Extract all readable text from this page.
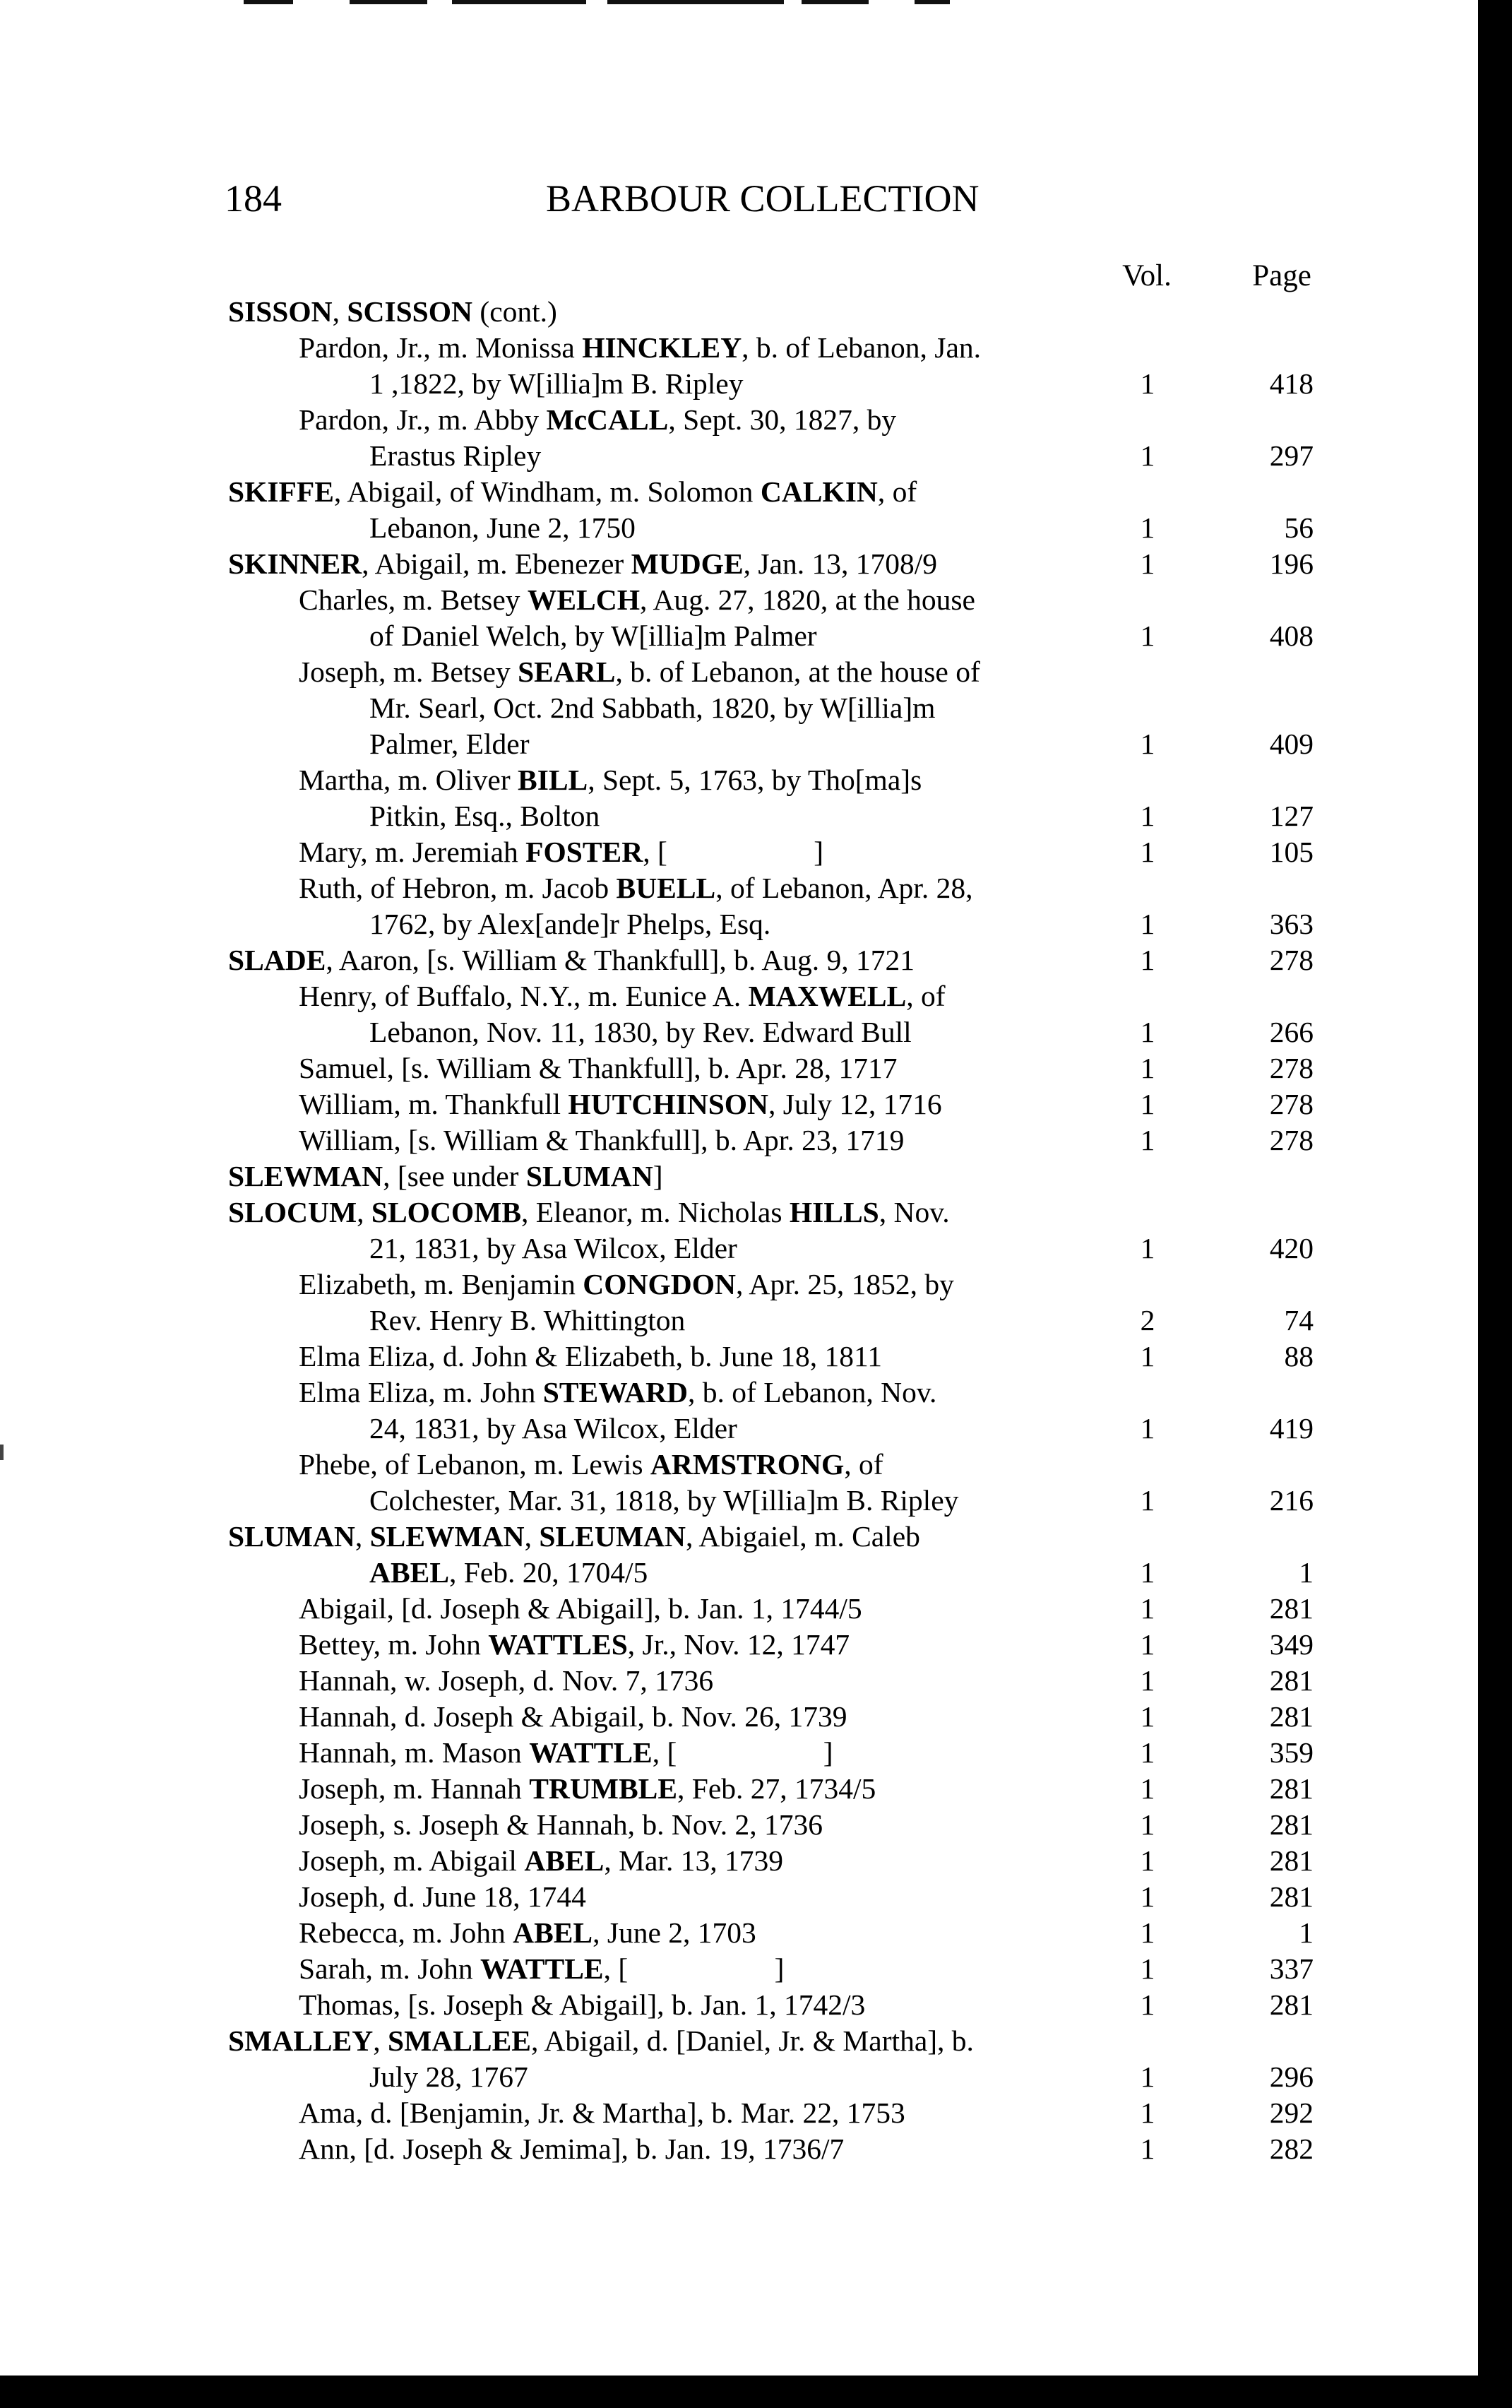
184	BARBOUR COLLECTION
Vol.	Page
SISSON, SCISSON (cont.)
Pardon, Jr., m. Monissa HINCKLEY, b. of Lebanon, Jan.
1 ,1822, by W[illia]m B. Ripley	1	418
Pardon, Jr., m. Abby McCALL, Sept. 30, 1827, by
Erastus Ripley	1	297
SKIFFE, Abigail, of Windham, m. Solomon CALKIN, of
Lebanon, June 2, 1750	1	56
SKINNER, Abigail, m. Ebenezer MUDGE, Jan. 13, 1708/9	1	196
Charles, m. Betsey WELCH, Aug. 27, 1820, at the house
of Daniel Welch, by W[illia]m Palmer	1	408
Joseph, m. Betsey SEARL, b. of Lebanon, at the house of
Mr. Searl, Oct. 2nd Sabbath, 1820, by W[illia]m
Palmer, Elder	1	409
Martha, m. Oliver BILL, Sept. 5, 1763, by Tho[ma]s
Pitkin, Esq., Bolton	1	127
Mary, m. Jeremiah FOSTER, [                    ]	1	105
Ruth, of Hebron, m. Jacob BUELL, of Lebanon, Apr. 28,
1762, by Alex[ande]r Phelps, Esq.	1	363
SLADE, Aaron, [s. William & Thankfull], b. Aug. 9, 1721	1	278
Henry, of Buffalo, N.Y., m. Eunice A. MAXWELL, of
Lebanon, Nov. 11, 1830, by Rev. Edward Bull	1	266
Samuel, [s. William & Thankfull], b. Apr. 28, 1717	1	278
William, m. Thankfull HUTCHINSON, July 12, 1716	1	278
William, [s. William & Thankfull], b. Apr. 23, 1719	1	278
SLEWMAN, [see under SLUMAN]
SLOCUM, SLOCOMB, Eleanor, m. Nicholas HILLS, Nov.
21, 1831, by Asa Wilcox, Elder	1	420
Elizabeth, m. Benjamin CONGDON, Apr. 25, 1852, by
Rev. Henry B. Whittington	2	74
Elma Eliza, d. John & Elizabeth, b. June 18, 1811	1	88
Elma Eliza, m. John STEWARD, b. of Lebanon, Nov.
24, 1831, by Asa Wilcox, Elder	1	419
Phebe, of Lebanon, m. Lewis ARMSTRONG, of
Colchester, Mar. 31, 1818, by W[illia]m B. Ripley	1	216
SLUMAN, SLEWMAN, SLEUMAN, Abigaiel, m. Caleb
ABEL, Feb. 20, 1704/5	1	1
Abigail, [d. Joseph & Abigail], b. Jan. 1, 1744/5	1	281
Bettey, m. John WATTLES, Jr., Nov. 12, 1747	1	349
Hannah, w. Joseph, d. Nov. 7, 1736	1	281
Hannah, d. Joseph & Abigail, b. Nov. 26, 1739	1	281
Hannah, m. Mason WATTLE, [                    ]	1	359
Joseph, m. Hannah TRUMBLE, Feb. 27, 1734/5	1	281
Joseph, s. Joseph & Hannah, b. Nov. 2, 1736	1	281
Joseph, m. Abigail ABEL, Mar. 13, 1739	1	281
Joseph, d. June 18, 1744	1	281
Rebecca, m. John ABEL, June 2, 1703	1	1
Sarah, m. John WATTLE, [                    ]	1	337
Thomas, [s. Joseph & Abigail], b. Jan. 1, 1742/3	1	281
SMALLEY, SMALLEE, Abigail, d. [Daniel, Jr. & Martha], b.
July 28, 1767	1	296
Ama, d. [Benjamin, Jr. & Martha], b. Mar. 22, 1753	1	292
Ann, [d. Joseph & Jemima], b. Jan. 19, 1736/7	1	282
